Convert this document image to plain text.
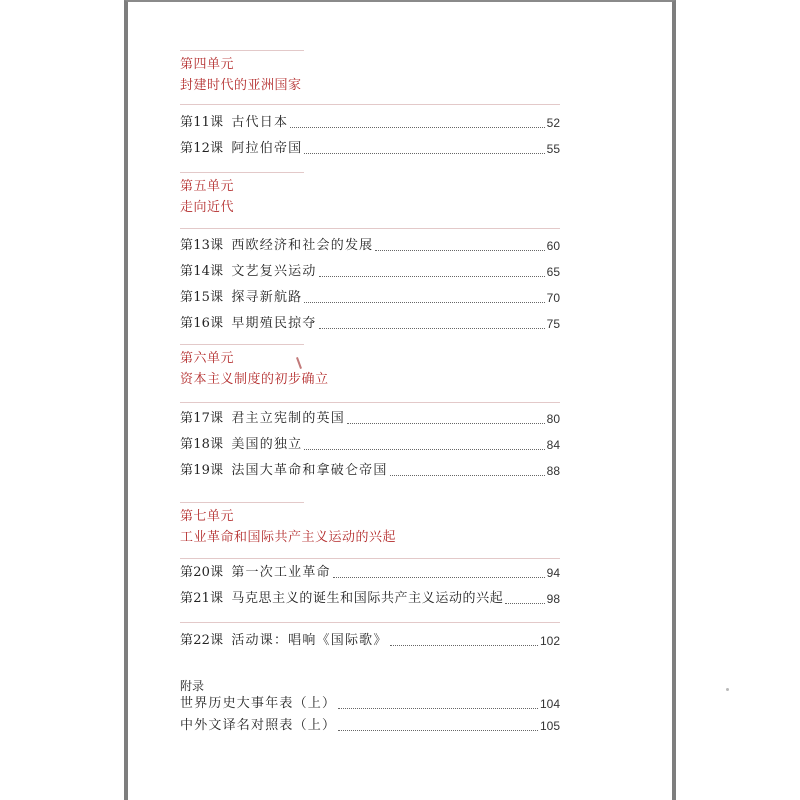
第四单元
封建时代的亚洲国家
第11课 古代日本	52
第12课 阿拉伯帝国	55
第五单元
走向近代
第13课 西欧经济和社会的发展	60
第14课 文艺复兴运动	65
第15课 探寻新航路	70
第16课 早期殖民掠夺	75
第六单元
资本主义制度的初步确立
第17课 君主立宪制的英国	80
第18课 美国的独立	84
第19课 法国大革命和拿破仑帝国	88
第七单元
工业革命和国际共产主义运动的兴起
第20课 第一次工业革命	94
第21课 马克思主义的诞生和国际共产主义运动的兴起	98
第22课 活动课：唱响《国际歌》	102
附录
世界历史大事年表（上）	104
中外文译名对照表（上）	105
